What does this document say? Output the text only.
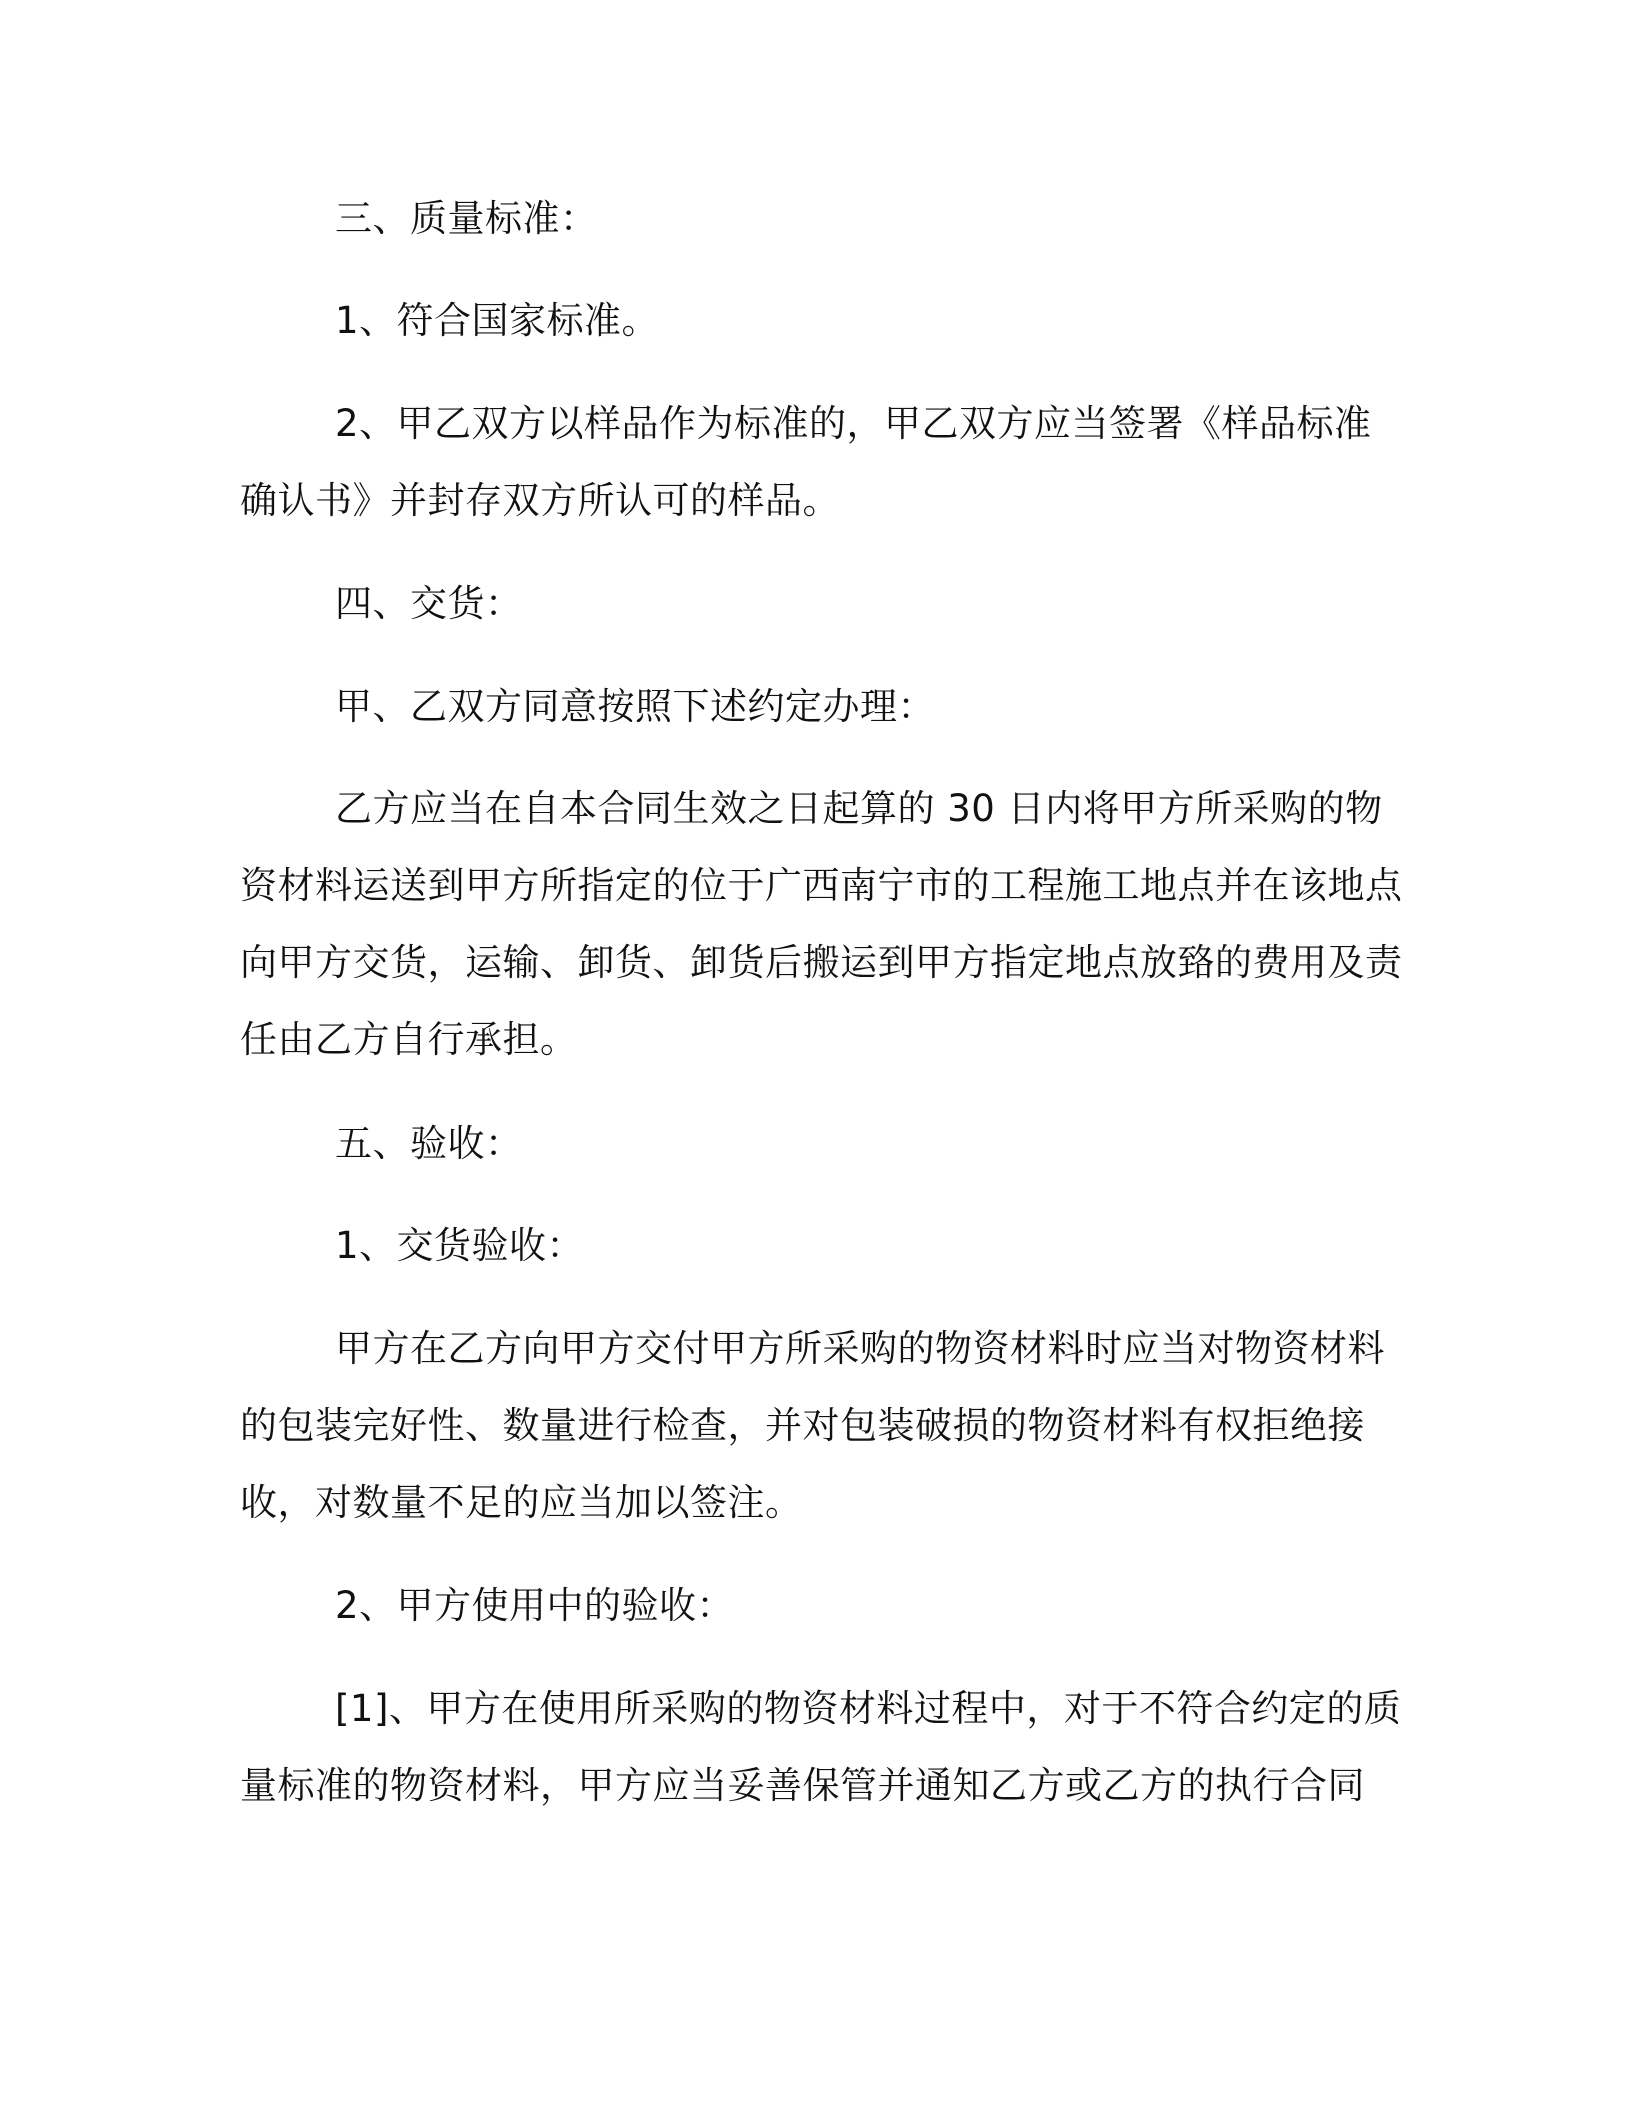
三、质量标准：

1、符合国家标准。

2、甲乙双方以样品作为标准的，甲乙双方应当签署《样品标准确认书》并封存双方所认可的样品。

四、交货：

甲、乙双方同意按照下述约定办理：

乙方应当在自本合同生效之日起算的 30 日内将甲方所采购的物资材料运送到甲方所指定的位于广西南宁市的工程施工地点并在该地点向甲方交货，运输、卸货、卸货后搬运到甲方指定地点放臵的费用及责任由乙方自行承担。

五、验收：

1、交货验收：

甲方在乙方向甲方交付甲方所采购的物资材料时应当对物资材料的包装完好性、数量进行检查，并对包装破损的物资材料有权拒绝接收，对数量不足的应当加以签注。

2、甲方使用中的验收：

[1]、甲方在使用所采购的物资材料过程中，对于不符合约定的质量标准的物资材料，甲方应当妥善保管并通知乙方或乙方的执行合同
